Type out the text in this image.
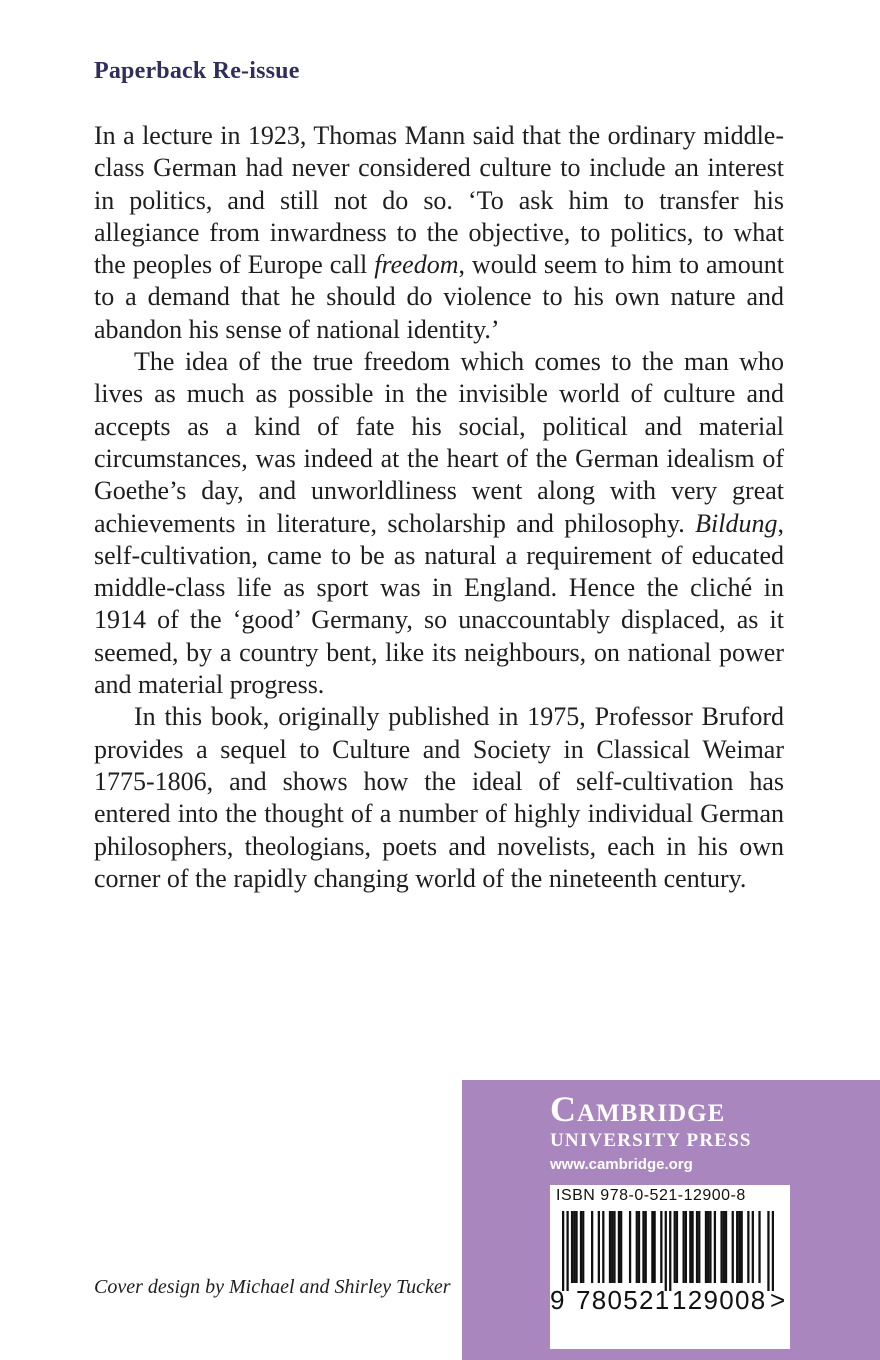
Paperback Re-issue

In a lecture in 1923, Thomas Mann said that the ordinary middle-class German had never considered culture to include an interest in politics, and still not do so. ‘To ask him to transfer his allegiance from inwardness to the objective, to politics, to what the peoples of Europe call freedom, would seem to him to amount to a demand that he should do violence to his own nature and abandon his sense of national identity.’

The idea of the true freedom which comes to the man who lives as much as possible in the invisible world of culture and accepts as a kind of fate his social, political and material circumstances, was indeed at the heart of the German idealism of Goethe’s day, and unworldliness went along with very great achievements in literature, scholarship and philosophy. Bildung, self-cultivation, came to be as natural a requirement of educated middle-class life as sport was in England. Hence the cliché in 1914 of the ‘good’ Germany, so unaccountably displaced, as it seemed, by a country bent, like its neighbours, on national power and material progress.

In this book, originally published in 1975, Professor Bruford provides a sequel to Culture and Society in Classical Weimar 1775-1806, and shows how the ideal of self-cultivation has entered into the thought of a number of highly individual German philosophers, theologians, poets and novelists, each in his own corner of the rapidly changing world of the nineteenth century.

Cover design by Michael and Shirley Tucker

Cambridge

UNIVERSITY PRESS

www.cambridge.org

ISBN 978-0-521-12900-8

9 780521 129008 >
